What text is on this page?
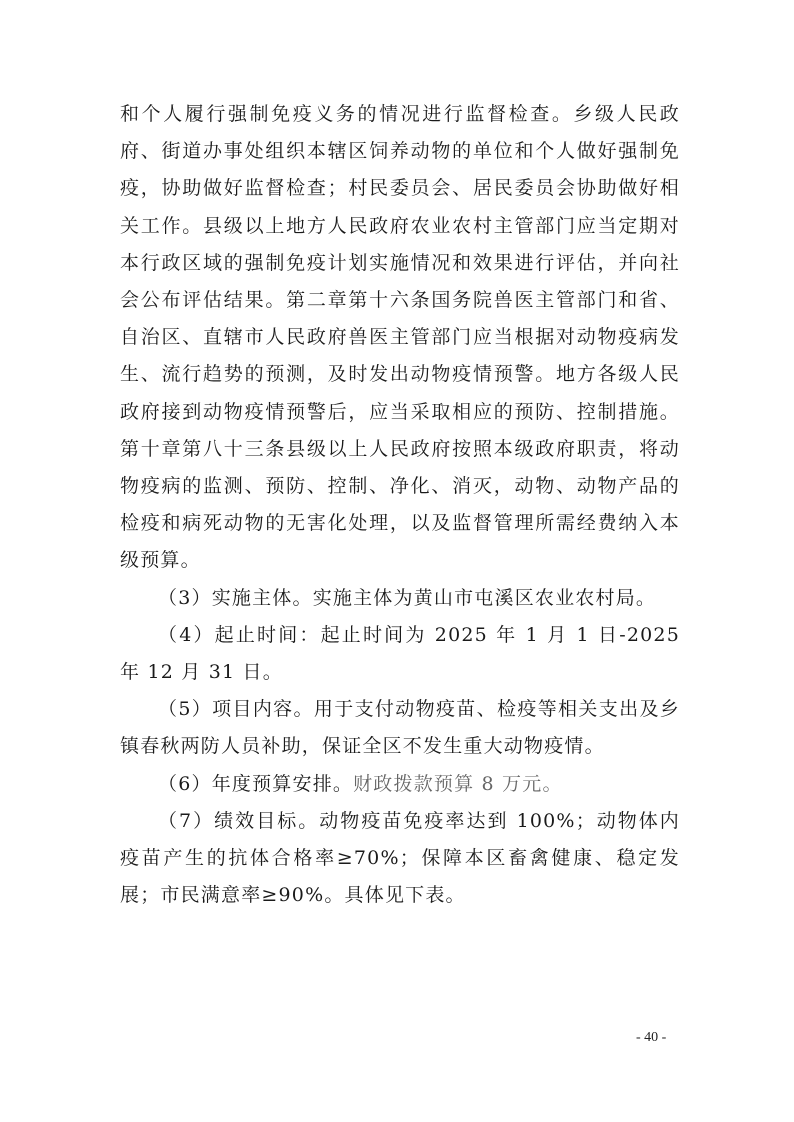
和个人履行强制免疫义务的情况进行监督检查。乡级人民政府、街道办事处组织本辖区饲养动物的单位和个人做好强制免疫，协助做好监督检查；村民委员会、居民委员会协助做好相关工作。县级以上地方人民政府农业农村主管部门应当定期对本行政区域的强制免疫计划实施情况和效果进行评估，并向社会公布评估结果。第二章第十六条国务院兽医主管部门和省、自治区、直辖市人民政府兽医主管部门应当根据对动物疫病发生、流行趋势的预测，及时发出动物疫情预警。地方各级人民政府接到动物疫情预警后，应当采取相应的预防、控制措施。第十章第八十三条县级以上人民政府按照本级政府职责，将动物疫病的监测、预防、控制、净化、消灭，动物、动物产品的检疫和病死动物的无害化处理，以及监督管理所需经费纳入本级预算。

（3）实施主体。实施主体为黄山市屯溪区农业农村局。

（4）起止时间：起止时间为 2025 年 1 月 1 日-2025 年 12 月 31 日。

（5）项目内容。用于支付动物疫苗、检疫等相关支出及乡镇春秋两防人员补助，保证全区不发生重大动物疫情。

（6）年度预算安排。财政拨款预算 8 万元。

（7）绩效目标。动物疫苗免疫率达到 100%；动物体内疫苗产生的抗体合格率≥70%；保障本区畜禽健康、稳定发展；市民满意率≥90%。具体见下表。

- 40 -
